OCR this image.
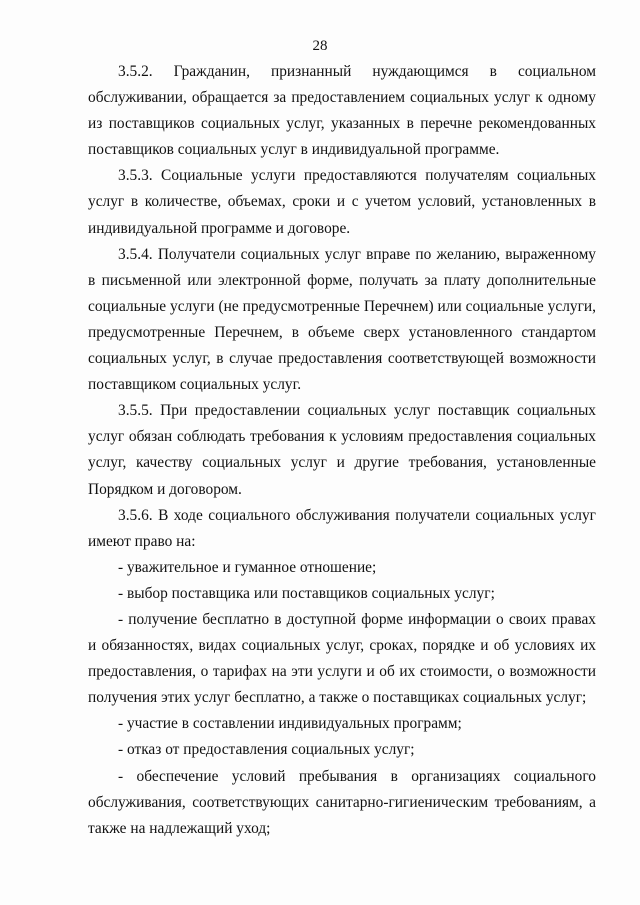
28

3.5.2. Гражданин, признанный нуждающимся в социальном обслуживании, обращается за предоставлением социальных услуг к одному из поставщиков социальных услуг, указанных в перечне рекомендованных поставщиков социальных услуг в индивидуальной программе.

3.5.3. Социальные услуги предоставляются получателям социальных услуг в количестве, объемах, сроки и с учетом условий, установленных в индивидуальной программе и договоре.

3.5.4. Получатели социальных услуг вправе по желанию, выраженному в письменной или электронной форме, получать за плату дополнительные социальные услуги (не предусмотренные Перечнем) или социальные услуги, предусмотренные Перечнем, в объеме сверх установленного стандартом социальных услуг, в случае предоставления соответствующей возможности поставщиком социальных услуг.

3.5.5. При предоставлении социальных услуг поставщик социальных услуг обязан соблюдать требования к условиям предоставления социальных услуг, качеству социальных услуг и другие требования, установленные Порядком и договором.

3.5.6. В ходе социального обслуживания получатели социальных услуг имеют право на:

- уважительное и гуманное отношение;

- выбор поставщика или поставщиков социальных услуг;

- получение бесплатно в доступной форме информации о своих правах и обязанностях, видах социальных услуг, сроках, порядке и об условиях их предоставления, о тарифах на эти услуги и об их стоимости, о возможности получения этих услуг бесплатно, а также о поставщиках социальных услуг;

- участие в составлении индивидуальных программ;

- отказ от предоставления социальных услуг;

- обеспечение условий пребывания в организациях социального обслуживания, соответствующих санитарно-гигиеническим требованиям, а также на надлежащий уход;
